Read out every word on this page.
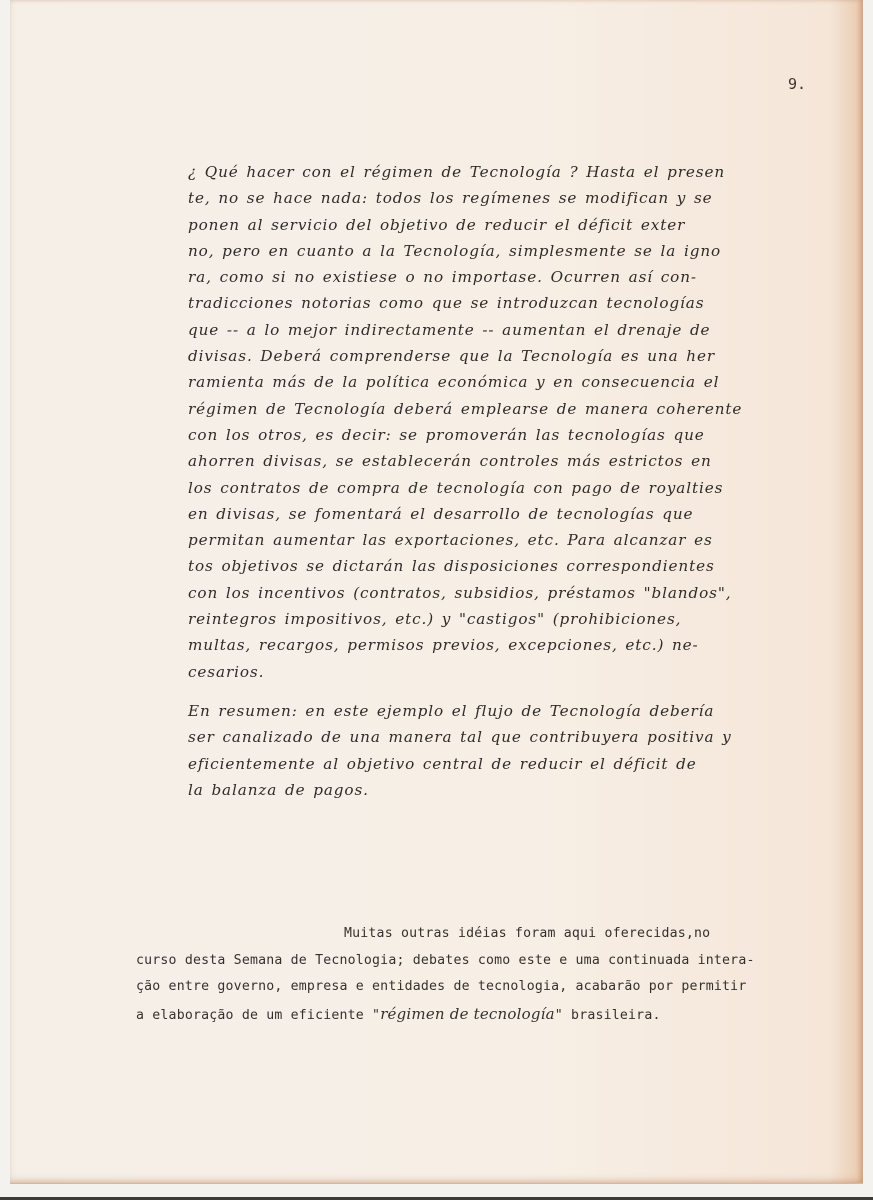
9.
¿ Qué hacer con el régimen de Tecnología ? Hasta el presen
te, no se hace nada: todos los regímenes se modifican y se
ponen al servicio del objetivo de reducir el déficit exter
no, pero en cuanto a la Tecnología, simplesmente se la igno
ra, como si no existiese o no importase. Ocurren así con-
tradicciones notorias como que se introduzcan tecnologías
que -- a lo mejor indirectamente -- aumentan el drenaje de
divisas. Deberá comprenderse que la Tecnología es una her
ramienta más de la política económica y en consecuencia el
régimen de Tecnología deberá emplearse de manera coherente
con los otros, es decir: se promoverán las tecnologías que
ahorren divisas, se establecerán controles más estrictos en
los contratos de compra de tecnología con pago de royalties
en divisas, se fomentará el desarrollo de tecnologías que
permitan aumentar las exportaciones, etc. Para alcanzar es
tos objetivos se dictarán las disposiciones correspondientes
con los incentivos (contratos, subsidios, préstamos "blandos",
reintegros impositivos, etc.) y "castigos" (prohibiciones,
multas, recargos, permisos previos, excepciones, etc.) ne-
cesarios.
En resumen: en este ejemplo el flujo de Tecnología debería
ser canalizado de una manera tal que contribuyera positiva y
eficientemente al objetivo central de reducir el déficit de
la balanza de pagos.
Muitas outras idéias foram aqui oferecidas,no
curso desta Semana de Tecnologia; debates como este e uma continuada intera-
ção entre governo, empresa e entidades de tecnologia, acabarão por permitir
a elaboração de um eficiente "régimen de tecnología" brasileira.
